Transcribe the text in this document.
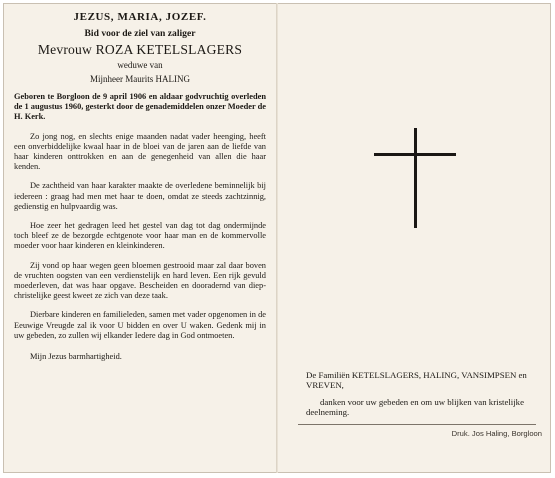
JEZUS, MARIA, JOZEF.
Bid voor de ziel van zaliger
Mevrouw ROZA KETELSLAGERS
weduwe van
Mijnheer Maurits HALING
Geboren te Borgloon de 9 april 1906 en aldaar godvruchtig overleden de 1 augustus 1960, gesterkt door de genademiddelen onzer Moeder de H. Kerk.
Zo jong nog, en slechts enige maanden nadat vader heenging, heeft een onverbiddelijke kwaal haar in de bloei van de jaren aan de liefde van haar kinderen onttrokken en aan de genegenheid van allen die haar kenden.
De zachtheid van haar karakter maakte de overledene beminnelijk bij iedereen : graag had men met haar te doen, omdat ze steeds zachtzinnig, gedienstig en hulpvaardig was.
Hoe zeer het gedragen leed het gestel van dag tot dag ondermijnde toch bleef ze de bezorgde echtgenote voor haar man en de kommervolle moeder voor haar kinderen en kleinkinderen.
Zij vond op haar wegen geen bloemen gestrooid maar zal daar boven de vruchten oogsten van een verdienstelijk en hard leven. Een rijk gevuld moederleven, dat was haar opgave. Bescheiden en dooradernd van diep-christelijke geest kweet ze zich van deze taak.
Dierbare kinderen en familieleden, samen met vader opgenomen in de Eeuwige Vreugde zal ik voor U bidden en over U waken. Gedenk mij in uw gebeden, zo zullen wij elkander Iedere dag in God ontmoeten.
Mijn Jezus barmhartigheid.
De Familiën KETELSLAGERS, HALING, VANSIMPSEN en VREVEN,
danken voor uw gebeden en om uw blijken van kristelijke deelneming.
Druk. Jos Haling, Borgloon
